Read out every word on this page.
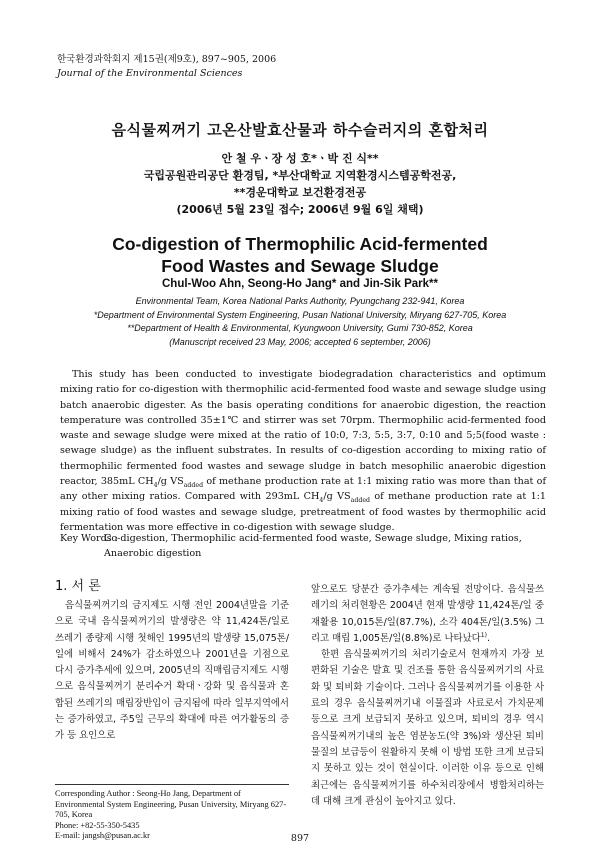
한국환경과학회지 제15권(제9호), 897~905, 2006
Journal of the Environmental Sciences
음식물찌꺼기 고온산발효산물과 하수슬러지의 혼합처리
안 철 우ㆍ장 성 호*ㆍ박 진 식**
국립공원관리공단 환경팀, *부산대학교 지역환경시스템공학전공,
**경운대학교 보건환경전공
(2006년 5월 23일 접수; 2006년 9월 6일 채택)
Co-digestion of Thermophilic Acid-fermented
Food Wastes and Sewage Sludge
Chul-Woo Ahn, Seong-Ho Jang* and Jin-Sik Park**
Environmental Team, Korea National Parks Authority, Pyungchang 232-941, Korea
*Department of Environmental System Engineering, Pusan National University, Miryang 627-705, Korea
**Department of Health & Environmental, Kyungwoon University, Gumi 730-852, Korea
(Manuscript received 23 May, 2006; accepted 6 september, 2006)
This study has been conducted to investigate biodegradation characteristics and optimum mixing ratio for co-digestion with thermophilic acid-fermented food waste and sewage sludge using batch anaerobic digester. As the basis operating conditions for anaerobic digestion, the reaction temperature was controlled 35±1℃ and stirrer was set 70rpm. Thermophilic acid-fermented food waste and sewage sludge were mixed at the ratio of 10:0, 7:3, 5:5, 3:7, 0:10 and 5;5(food waste : sewage sludge) as the influent substrates. In results of co-digestion according to mixing ratio of thermophilic fermented food wastes and sewage sludge in batch mesophilic anaerobic digestion reactor, 385mL $CH_4/g$ $VS_{added}$ of methane production rate at 1:1 mixing ratio was more than that of any other mixing ratios. Compared with 293mL $CH_4/g$ $VS_{added}$ of methane production rate at 1:1 mixing ratio of food wastes and sewage sludge, pretreatment of food wastes by thermophilic acid fermentation was more effective in co-digestion with sewage sludge.
Key Words :
Co-digestion, Thermophilic acid-fermented food waste, Sewage sludge, Mixing ratios, Anaerobic digestion
1. 서 론
음식물찌꺼기의 금지제도 시행 전인 2004년말을 기준으로 국내 음식물찌꺼기의 발생량은 약 11,424톤/일로 쓰레기 종량제 시행 첫해인 1995년의 발생량 15,075톤/일에 비해서 24%가 감소하였으나 2001년을 기점으로 다시 증가추세에 있으며, 2005년의 직매립금지제도 시행으로 음식물찌꺼기 분리수거 확대ㆍ강화 및 음식물과 혼합된 쓰레기의 매립장반입이 금지됨에 따라 일부지역에서는 증가하였고, 주5일 근무의 확대에 따른 여가활동의 증가 등 요인으로
앞으로도 당분간 증가추세는 계속될 전망이다. 음식물쓰레기의 처리현황은 2004년 현재 발생량 11,424톤/일 중 재활용 10,015톤/일(87.7%), 소각 404톤/일(3.5%) 그리고 매립 1,005톤/일(8.8%)로 나타났다$^{1)}$.
한편 음식물찌꺼기의 처리기술로서 현재까지 가장 보편화된 기술은 발효 및 건조를 통한 음식물찌꺼기의 사료화 및 퇴비화 기술이다. 그러나 음식물찌꺼기를 이용한 사료의 경우 음식물찌꺼기내 이물질과 사료로서 가치문제 등으로 크게 보급되지 못하고 있으며, 퇴비의 경우 역시 음식물찌꺼기내의 높은 염분농도(약 3%)와 생산된 퇴비물질의 보급등이 원활하지 못해 이 방법 또한 크게 보급되지 못하고 있는 것이 현실이다. 이러한 이유 등으로 인해 최근에는 음식물찌꺼기를 하수처리장에서 병합처리하는데 대해 크게 관심이 높아지고 있다.
Corresponding Author : Seong-Ho Jang, Department of Environmental System Engineering, Pusan University, Miryang 627-705, Korea
Phone: +82-55-350-5435
E-mail: jangsh@pusan.ac.kr	897
